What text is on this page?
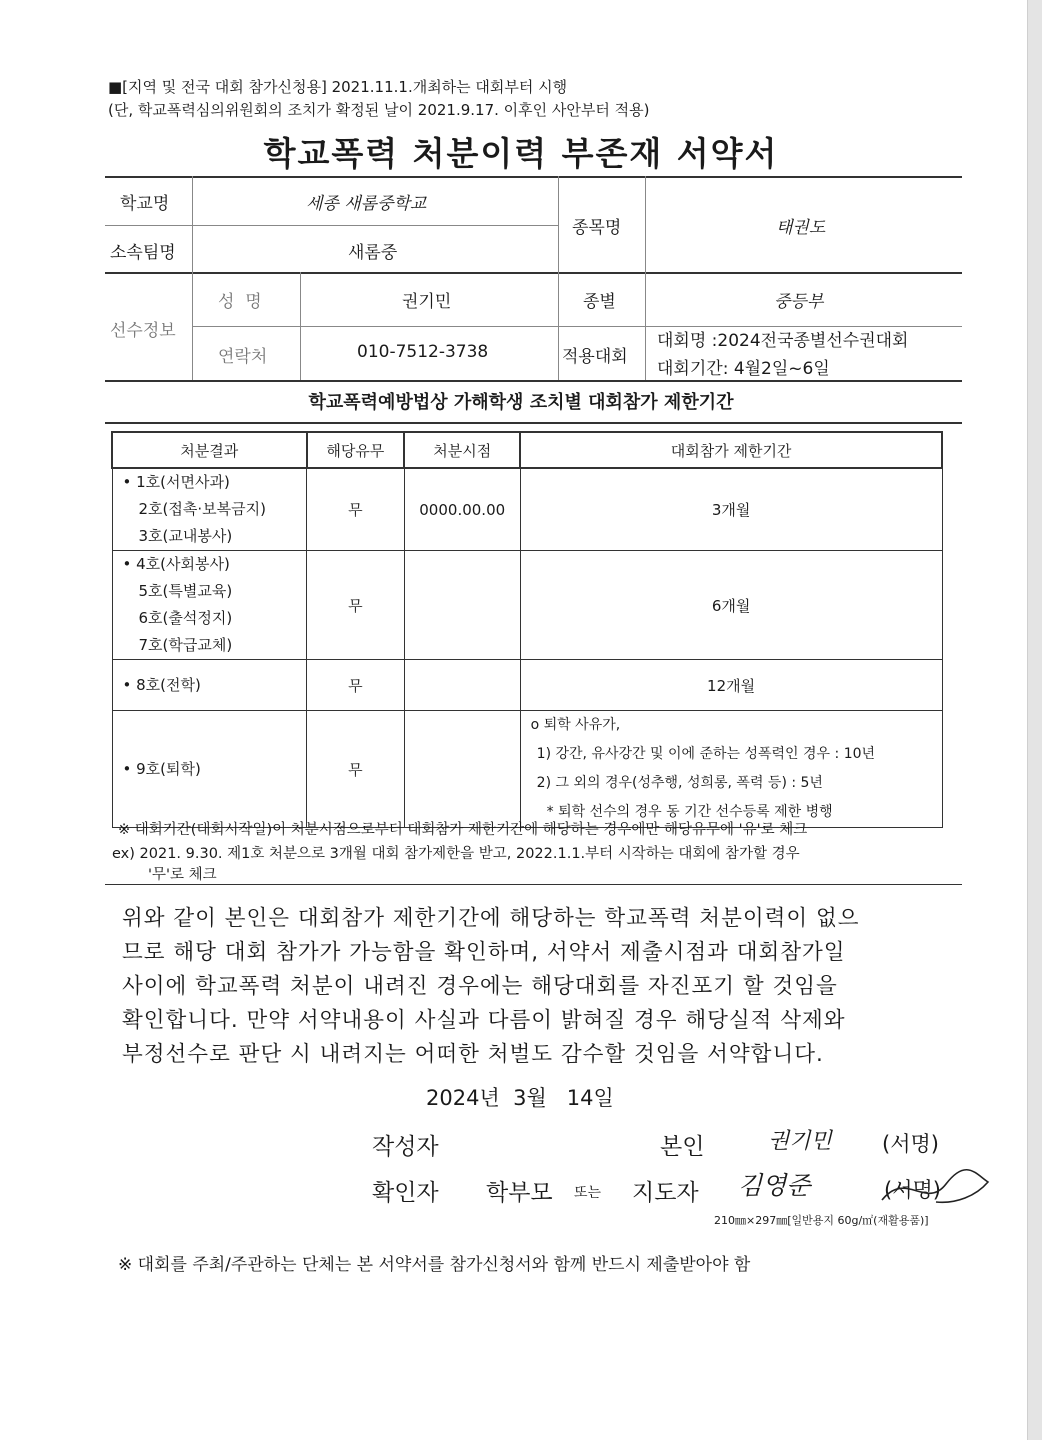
■[지역 및 전국 대회 참가신청용] 2021.11.1.개최하는 대회부터 시행
(단, 학교폭력심의위원회의 조치가 확정된 날이 2021.9.17. 이후인 사안부터 적용)
학교폭력 처분이력 부존재 서약서
학교명	세종 새롬중학교
소속팀명	새롬중
종목명	태권도
선수정보
성  명	권기민	종별	중등부
연락처	010-7512-3738	적용대회
대회명 :2024전국종별선수권대회
대회기간: 4월2일~6일
학교폭력예방법상 가해학생 조치별 대회참가 제한기간
처분결과	해당유무	처분시점	대회참가 제한기간

• 1호(서면사과)
2호(접촉·보복금지)
3호(교내봉사)	무	0000.00.00	3개월

• 4호(사회봉사)
5호(특별교육)
6호(출석정지)
7호(학급교체)	무		6개월

• 8호(전학)	무		12개월

• 9호(퇴학)	무		o 퇴학 사유가,
1) 강간, 유사강간 및 이에 준하는 성폭력인 경우 : 10년
2) 그 외의 경우(성추행, 성희롱, 폭력 등) : 5년
* 퇴학 선수의 경우 동 기간 선수등록 제한 병행
※ 대회기간(대회시작일)이 처분시점으로부터 대회참가 제한기간에 해당하는 경우에만 해당유무에 '유'로 체크
ex) 2021. 9.30. 제1호 처분으로 3개월 대회 참가제한을 받고, 2022.1.1.부터 시작하는 대회에 참가할 경우
'무'로 체크

위와 같이 본인은 대회참가 제한기간에 해당하는 학교폭력 처분이력이 없으

므로 해당 대회 참가가 가능함을 확인하며, 서약서 제출시점과 대회참가일

사이에 학교폭력 처분이 내려진 경우에는 해당대회를 자진포기 할 것임을

확인합니다. 만약 서약내용이 사실과 다름이 밝혀질 경우 해당실적 삭제와

부정선수로 판단 시 내려지는 어떠한 처벌도 감수할 것임을 서약합니다.

2024년  3월   14일
작성자	본인	권기민 (서명)
확인자 학부모 또는 지도자 김영준	(서명)
210㎜×297㎜[일반용지 60g/㎡(재활용품)]
※ 대회를 주최/주관하는 단체는 본 서약서를 참가신청서와 함께 반드시 제출받아야 함
